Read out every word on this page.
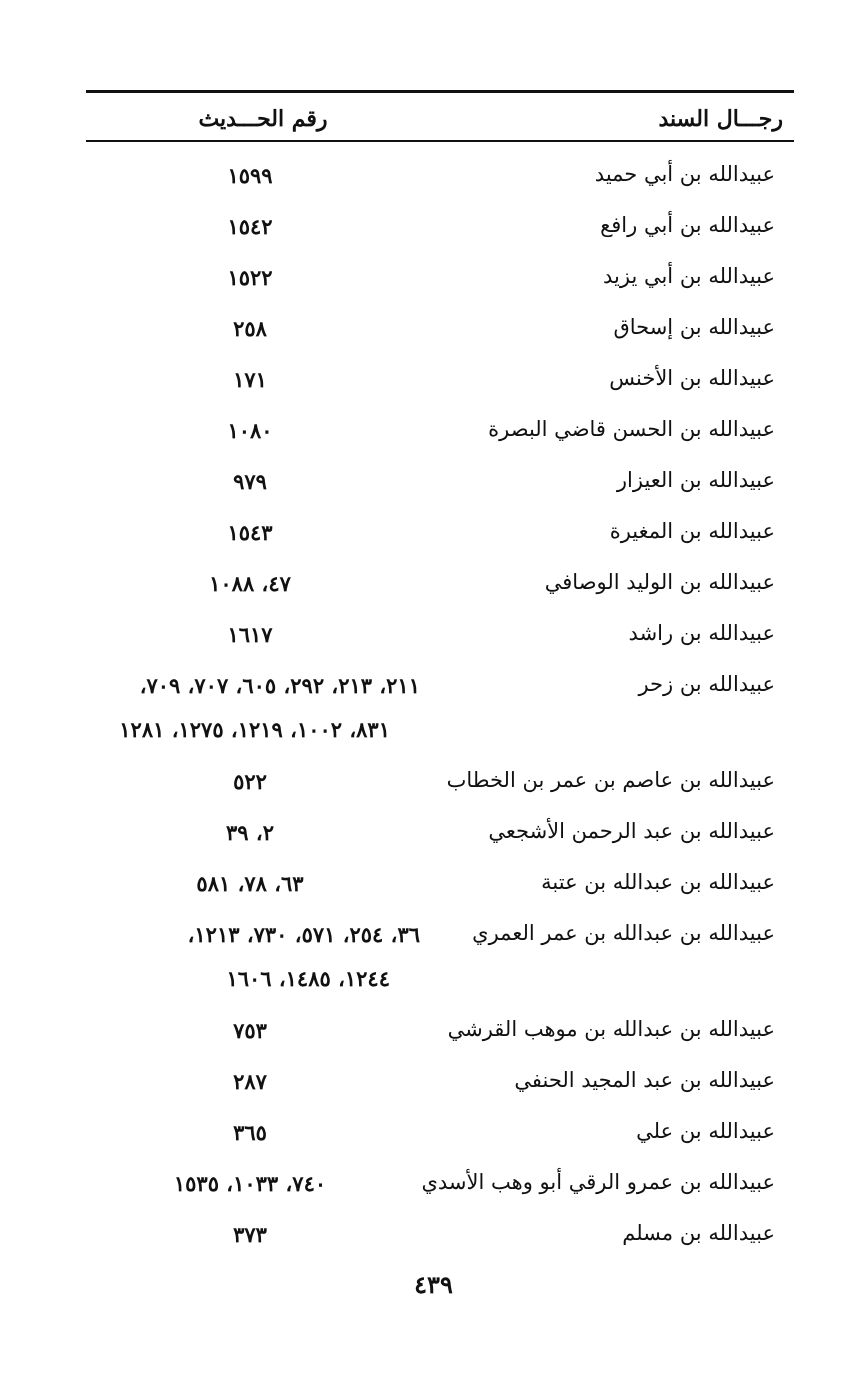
رجـــال السند
رقم الحـــديث
عبيدالله بن أبي حميد
١٥٩٩
عبيدالله بن أبي رافع
١٥٤٢
عبيدالله بن أبي يزيد
١٥٢٢
عبيدالله بن إسحاق
٢٥٨
عبيدالله بن الأخنس
١٧١
عبيدالله بن الحسن قاضي البصرة
١٠٨٠
عبيدالله بن العيزار
٩٧٩
عبيدالله بن المغيرة
١٥٤٣
عبيدالله بن الوليد الوصافي
٤٧، ١٠٨٨
عبيدالله بن راشد
١٦١٧
عبيدالله بن زحر
٢١١، ٢١٣، ٢٩٢، ٦٠٥، ٧٠٧، ٧٠٩،
٨٣١، ١٠٠٢، ١٢١٩، ١٢٧٥، ١٢٨١
عبيدالله بن عاصم بن عمر بن الخطاب
٥٢٢
عبيدالله بن عبد الرحمن الأشجعي
٢، ٣٩
عبيدالله بن عبدالله بن عتبة
٦٣، ٧٨، ٥٨١
عبيدالله بن عبدالله بن عمر العمري
٣٦، ٢٥٤، ٥٧١، ٧٣٠، ١٢١٣،
١٢٤٤، ١٤٨٥، ١٦٠٦
عبيدالله بن عبدالله بن موهب القرشي
٧٥٣
عبيدالله بن عبد المجيد الحنفي
٢٨٧
عبيدالله بن علي
٣٦٥
عبيدالله بن عمرو الرقي أبو وهب الأسدي
٧٤٠، ١٠٣٣، ١٥٣٥
عبيدالله بن مسلم
٣٧٣
٤٣٩
